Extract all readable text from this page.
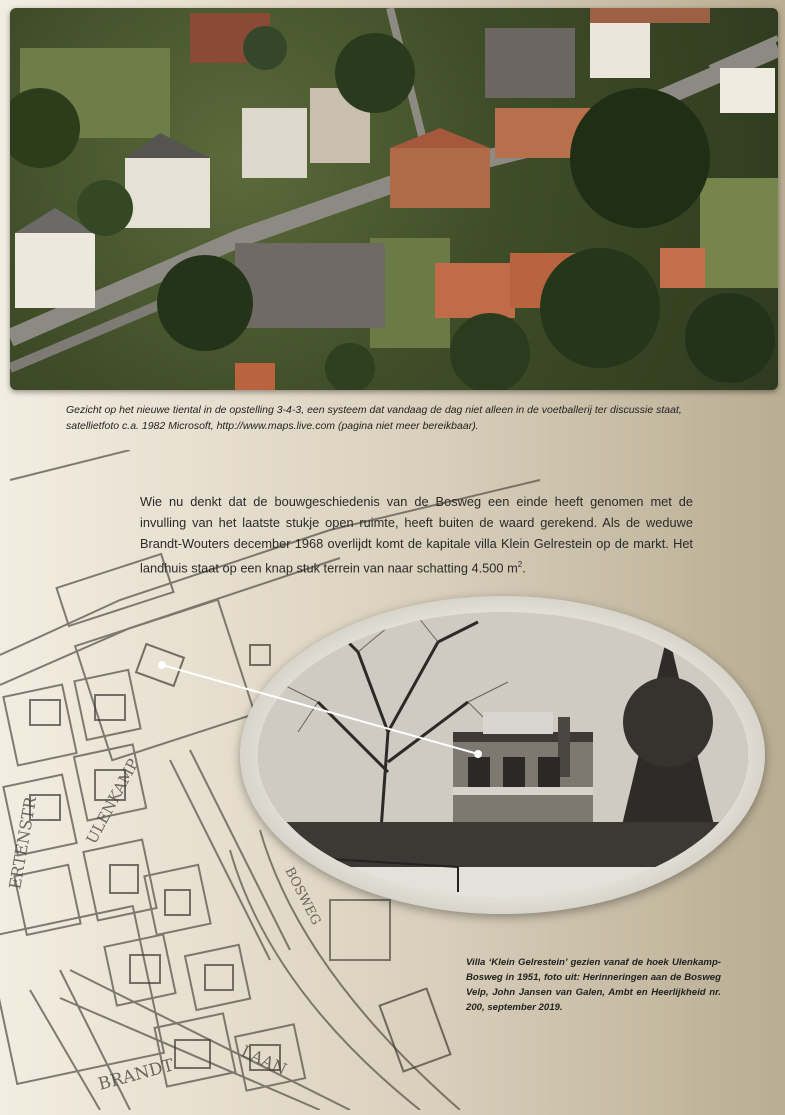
Gezicht op het nieuwe tiental in de opstelling 3-4-3, een systeem dat vandaag de dag niet alleen in de voetballerij ter discussie staat, satellietfoto c.a. 1982 Microsoft, http://www.maps.live.com (pagina niet meer bereikbaar).
ERTENSTR	ULENKAMP
BOSWEG
BRANDT	LAAN
Wie nu denkt dat de bouwgeschiedenis van de Bosweg een einde heeft genomen met de invulling van het laatste stukje open ruimte, heeft buiten de waard gerekend. Als de weduwe Brandt-Wouters december 1968 overlijdt komt de kapitale villa Klein Gelrestein op de markt. Het landhuis staat op een knap stuk terrein van naar schatting 4.500 $m^2$.
Villa ‘Klein Gelrestein’ gezien vanaf de hoek Ulenkamp-Bosweg in 1951, foto uit: Herinneringen aan de Bosweg Velp, John Jansen van Galen, Ambt en Heerlijkheid nr. 200, september 2019.
